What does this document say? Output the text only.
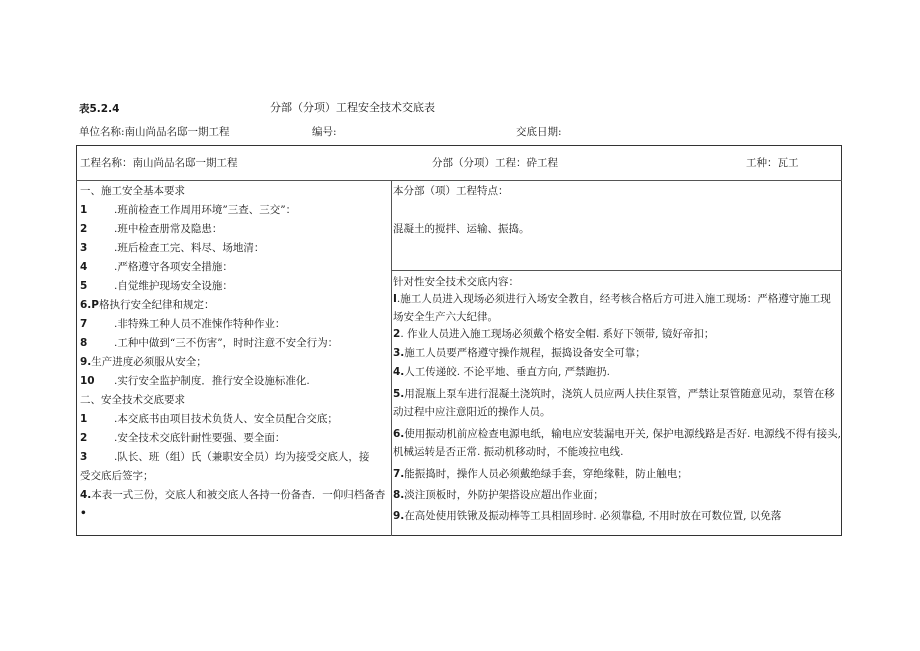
表5.2.4	分部（分项）工程安全技术交底表
单位名称:南山尚品名邸一期工程	编号:	交底日期:
工程名称：南山尚品名邸一期工程	分部（分项）工程：砕工程	工种：瓦工
一、施工安全基本要求
1	.班前检查工作周用环境”三查、三交”：
2	.班中检查册常及隐患：
3	.班后检查工完、料尽、场地清：
4	.严格遵守各项安全措施：
5	.自觉维护现场安全设施：
6.P格执行安全纪律和规定：
7	.非特殊工种人员不准悚作特种作业：
8	.工种中做到“三不伤害”，时时注意不安全行为：
9.生产进度必须服从安全；
10 .实行安全监护制度．推行安全设施标准化.
二、安全技术交底要求
1	.本交底书由项目技术负货人、安全员配合交底；
2	.安全技术交底针耐性要强、要全面：
3	.队长、班（组）氏（兼职安全员）均为接受交底人，接
受交底后签字；
4.本表一式三份，交底人和被交底人各持一份备杳．一仰归档备杳
•
本分部（项）工程特点：
混凝土的搅拌、运输、振捣。
针对性安全技术交底内容：
I.施工人员进入现场必须进行入场安全教自，经考核合格后方可进入施工现场：严格遵守施工现场安全生产六大纪律。
2. 作业人员进入施工现场必须戴个格安全帽. 系好下领带, 镜好帝扣；
3.施工人员要严格遵守操作规程，振捣设备安全可靠；
4.人工传递皎. 不论平地、垂直方向, 严禁跑扔.
5.用混瓶上泵车进行混凝土浇筑时，浇筑人员应两人扶住泵管，严禁让泵管随意见动，泵管在移动过程中应注意阳近的操作人员。
6.使用振动机前应检查电源电纸，输电应安装漏电开关, 保护电源线路是否好. 电源线不得有接头, 机械运转是否正常. 振动机移动时，不能竣拉电线.
7.能振捣时，操作人员必须戴绝绿手套，穿绝缘鞋，防止触电；
8.淡注顶板时，外防护架搭设应超出作业面；
9.在高处使用铁锹及振动棒等工具相固珍时. 必须靠稳, 不用时放在可数位置, 以免落
